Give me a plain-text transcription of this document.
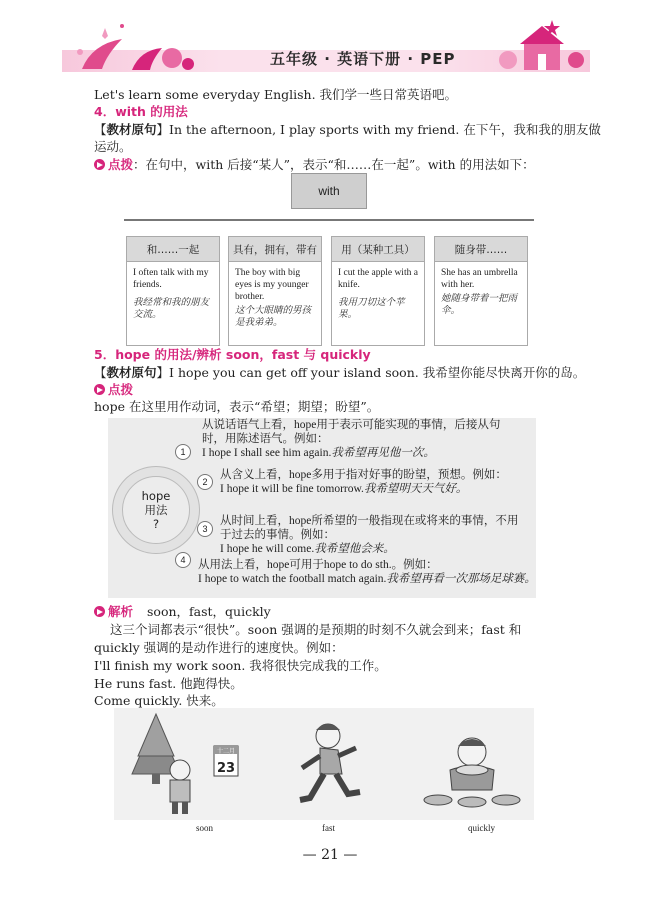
五年级 · 英语下册 · PEP
Let's learn some everyday English. 我们学一些日常英语吧。
4．with 的用法
【教材原句】In the afternoon, I play sports with my friend. 在下午，我和我的朋友做
运动。
点拨：在句中，with 后接“某人”，表示“和……在一起”。with 的用法如下：
with
和……一起
I often talk with my friends.
我经常和我的朋友交流。
具有，拥有，带有
The boy with big eyes is my younger brother.
这个大眼睛的男孩是我弟弟。
用（某种工具）
I cut the apple with a knife.
我用刀切这个苹果。
随身带……
She has an umbrella with her.
她随身带着一把雨伞。
5．hope 的用法/辨析 soon，fast 与 quickly
【教材原句】I hope you can get off your island soon. 我希望你能尽快离开你的岛。
点拨
hope 在这里用作动词，表示“希望；期望；盼望”。
hope
用法
?
1
从说话语气上看，hope用于表示可能实现的事情，后接从句
时，用陈述语气。例如：
I hope I shall see him again.我希望再见他一次。
2
从含义上看，hope多用于指对好事的盼望，预想。例如：
I hope it will be fine tomorrow.我希望明天天气好。
3
从时间上看，hope所希望的一般指现在或将来的事情，不用
于过去的事情。例如：
I hope he will come.我希望他会来。
4	从用法上看，hope可用于hope to do sth.。例如：
I hope to watch the football match again.我希望再看一次那场足球赛。
解析 soon，fast，quickly
这三个词都表示“很快”。soon 强调的是预期的时刻不久就会到来；fast 和
quickly 强调的是动作进行的速度快。例如：
I'll finish my work soon. 我将很快完成我的工作。
He runs fast. 他跑得快。
Come quickly. 快来。
十二月
23
soon	fast	quickly
— 21 —
